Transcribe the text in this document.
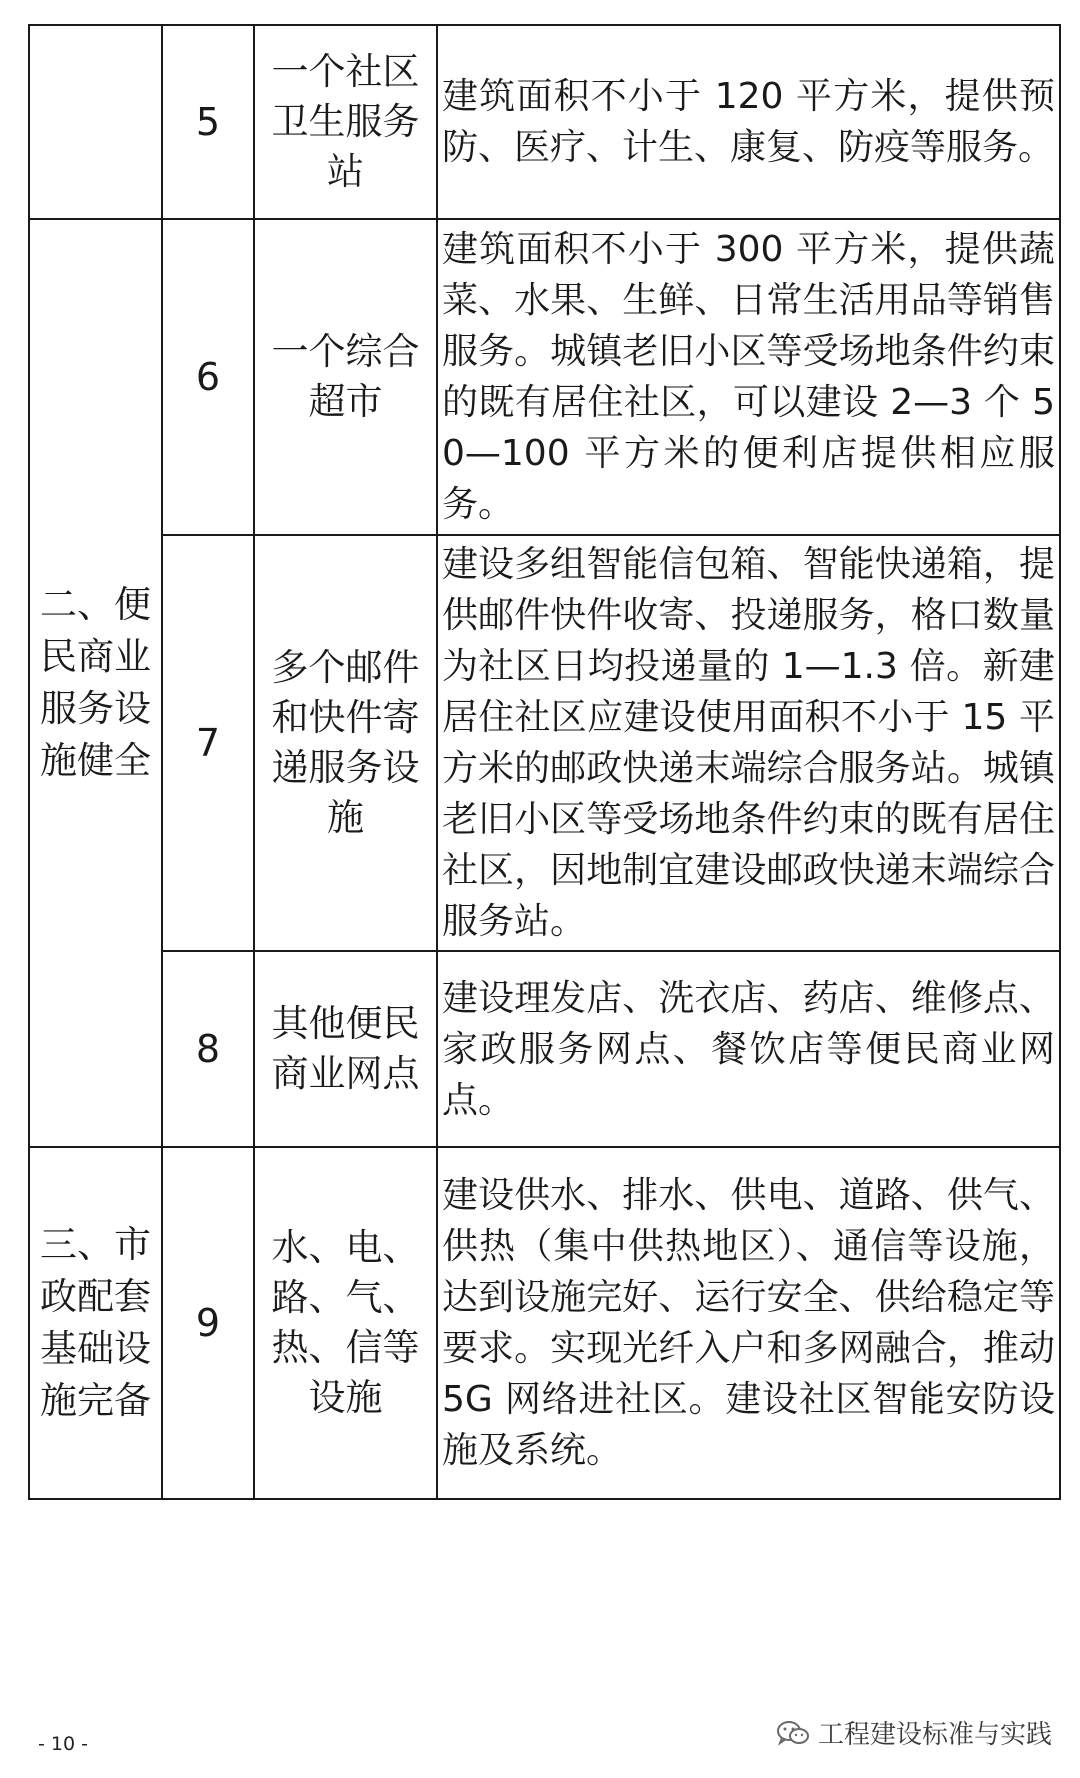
	5	一个社区卫生服务站	建筑面积不小于 120 平方米，提供预防、医疗、计生、康复、防疫等服务。
二、便民商业服务设施健全	6	一个综合超市	建筑面积不小于 300 平方米，提供蔬菜、水果、生鲜、日常生活用品等销售服务。城镇老旧小区等受场地条件约束的既有居住社区，可以建设 2—3 个 50—100 平方米的便利店提供相应服务。
	7	多个邮件和快件寄递服务设施	建设多组智能信包箱、智能快递箱，提供邮件快件收寄、投递服务，格口数量为社区日均投递量的 1—1.3 倍。新建居住社区应建设使用面积不小于 15 平方米的邮政快递末端综合服务站。城镇老旧小区等受场地条件约束的既有居住社区，因地制宜建设邮政快递末端综合服务站。
	8	其他便民商业网点	建设理发店、洗衣店、药店、维修点、家政服务网点、餐饮店等便民商业网点。
三、市政配套基础设施完备	9	水、电、路、气、热、信等设施	建设供水、排水、供电、道路、供气、供热（集中供热地区）、通信等设施，达到设施完好、运行安全、供给稳定等要求。实现光纤入户和多网融合，推动 5G 网络进社区。建设社区智能安防设施及系统。
- 10 -	工程建设标准与实践
